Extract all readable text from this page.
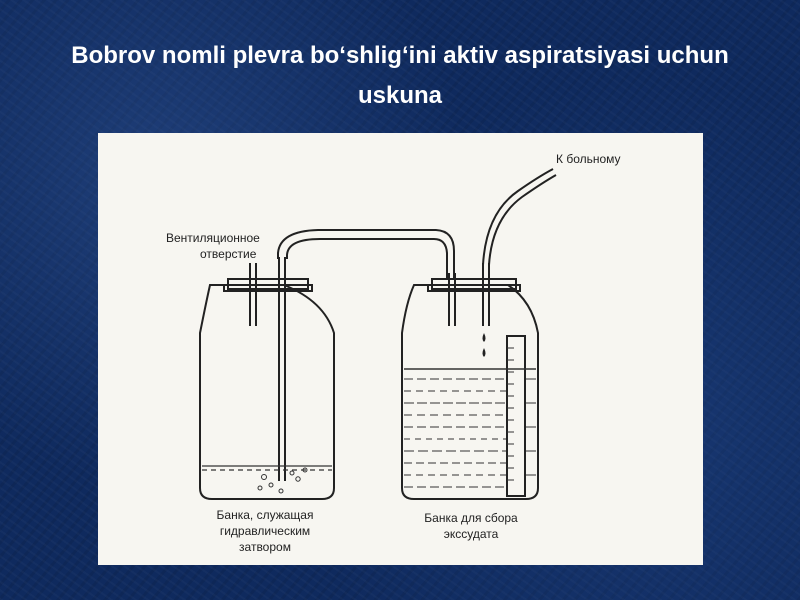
Bobrov nomli plevra bo‘shlig‘ini aktiv aspiratsiyasi uchun uskuna
К больному
Вентиляционное
отверстие
Банка, служащая
гидравлическим
затвором
Банка для сбора
экссудата
